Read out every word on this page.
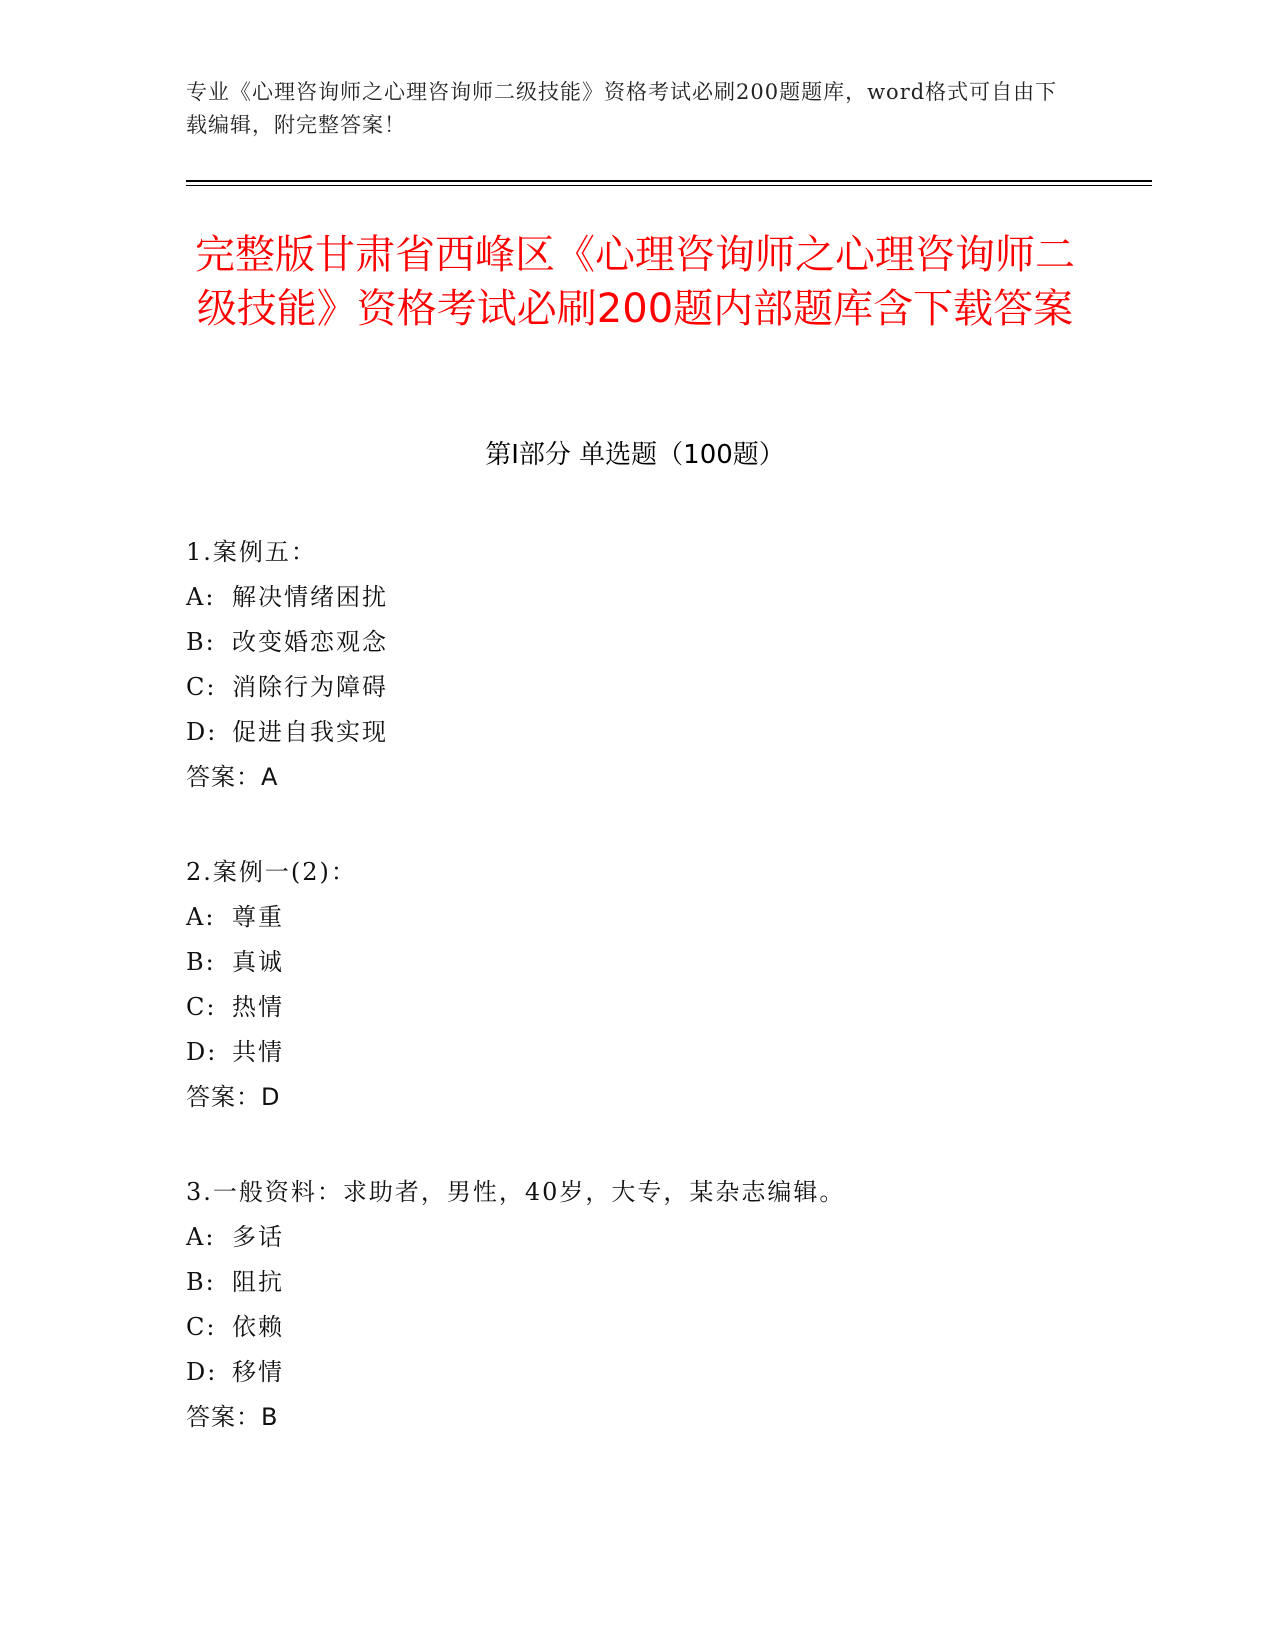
专业《心理咨询师之心理咨询师二级技能》资格考试必刷200题题库，word格式可自由下载编辑，附完整答案！
完整版甘肃省西峰区《心理咨询师之心理咨询师二级技能》资格考试必刷200题内部题库含下载答案
第Ⅰ部分 单选题（100题）
1.案例五：
A: 解决情绪困扰
B: 改变婚恋观念
C: 消除行为障碍
D: 促进自我实现
答案：A
2.案例一(2)：
A: 尊重
B: 真诚
C: 热情
D: 共情
答案：D
3.一般资料：求助者，男性，40岁，大专，某杂志编辑。
A: 多话
B: 阻抗
C: 依赖
D: 移情
答案：B
